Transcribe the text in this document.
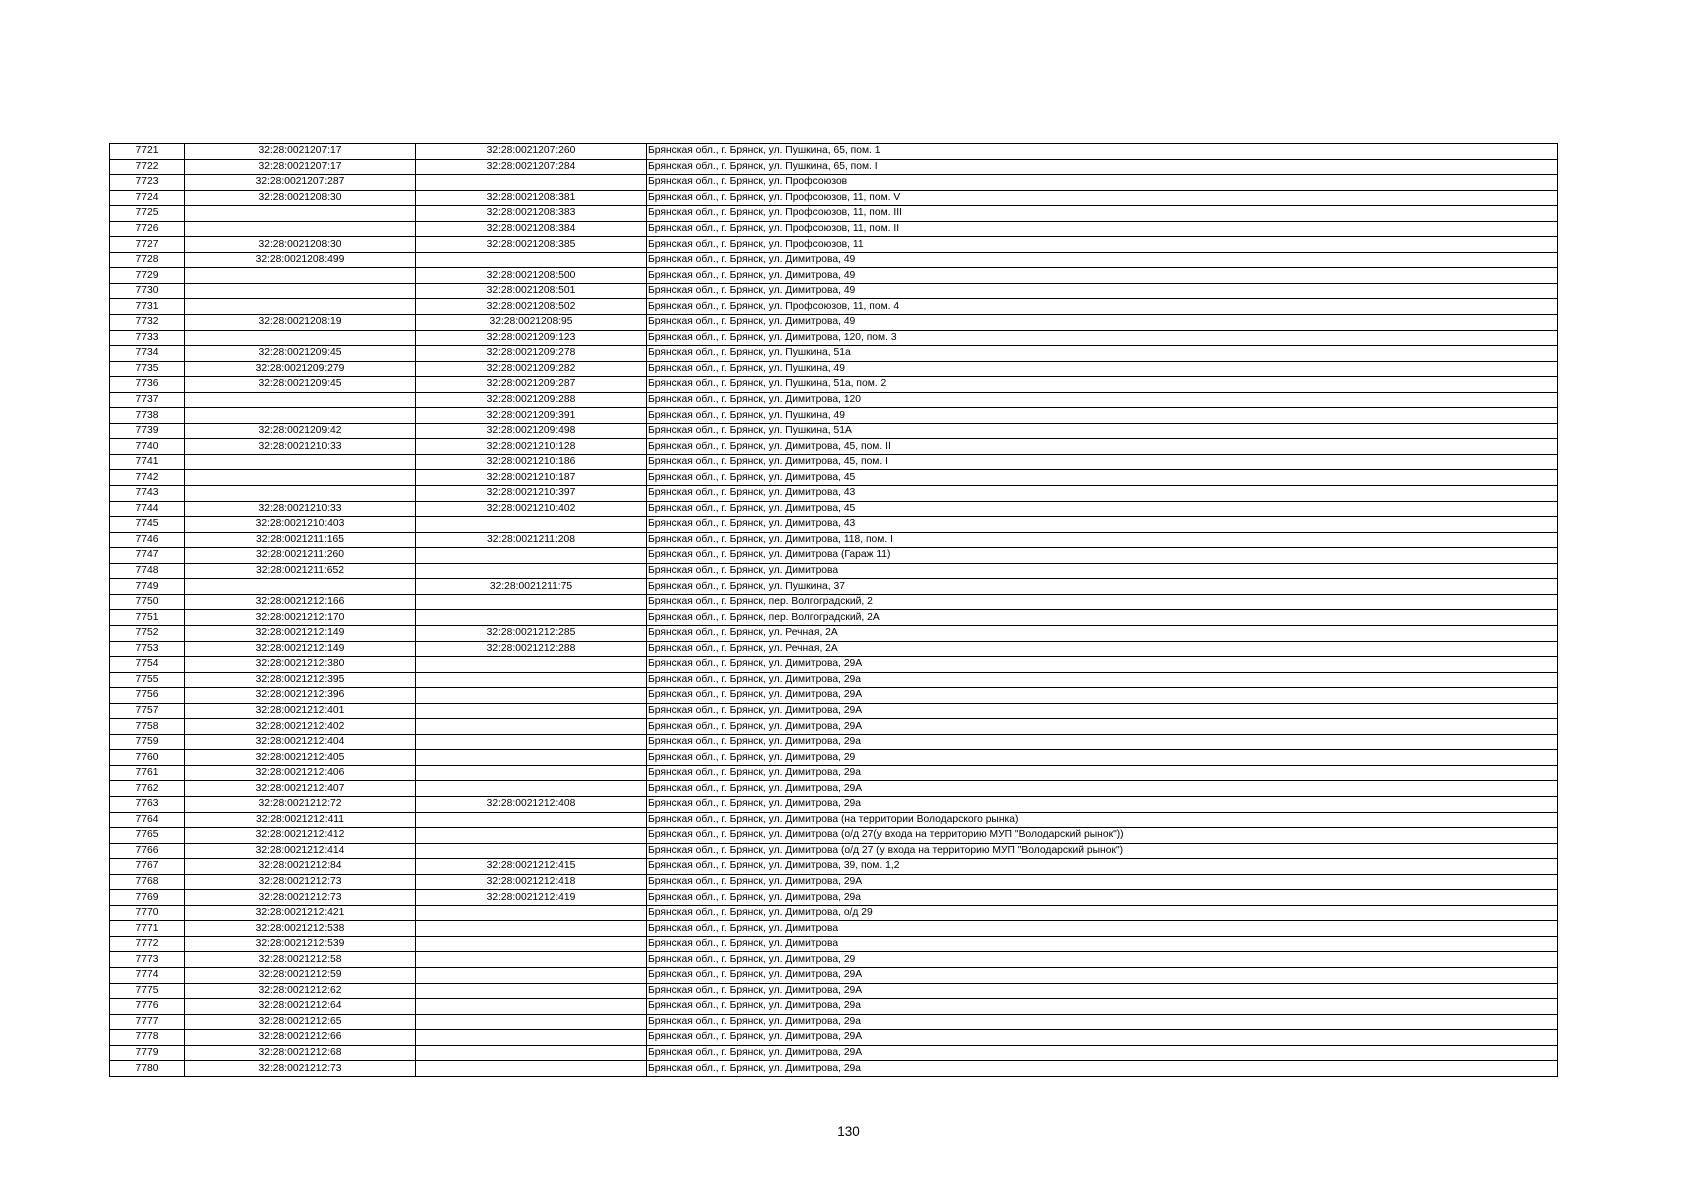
7721	32:28:0021207:17	32:28:0021207:260	Брянская обл., г. Брянск, ул. Пушкина, 65, пом. 1
7722	32:28:0021207:17	32:28:0021207:284	Брянская обл., г. Брянск, ул. Пушкина, 65, пом. I
7723	32:28:0021207:287		Брянская обл., г. Брянск, ул. Профсоюзов
7724	32:28:0021208:30	32:28:0021208:381	Брянская обл., г. Брянск, ул. Профсоюзов, 11, пом. V
7725		32:28:0021208:383	Брянская обл., г. Брянск, ул. Профсоюзов, 11, пом. III
7726		32:28:0021208:384	Брянская обл., г. Брянск, ул. Профсоюзов, 11, пом. II
7727	32:28:0021208:30	32:28:0021208:385	Брянская обл., г. Брянск, ул. Профсоюзов, 11
7728	32:28:0021208:499		Брянская обл., г. Брянск, ул. Димитрова, 49
7729		32:28:0021208:500	Брянская обл., г. Брянск, ул. Димитрова, 49
7730		32:28:0021208:501	Брянская обл., г. Брянск, ул. Димитрова, 49
7731		32:28:0021208:502	Брянская обл., г. Брянск, ул. Профсоюзов, 11, пом. 4
7732	32:28:0021208:19	32:28:0021208:95	Брянская обл., г. Брянск, ул. Димитрова, 49
7733		32:28:0021209:123	Брянская обл., г. Брянск, ул. Димитрова, 120, пом. 3
7734	32:28:0021209:45	32:28:0021209:278	Брянская обл., г. Брянск, ул. Пушкина, 51а
7735	32:28:0021209:279	32:28:0021209:282	Брянская обл., г. Брянск, ул. Пушкина, 49
7736	32:28:0021209:45	32:28:0021209:287	Брянская обл., г. Брянск, ул. Пушкина, 51а, пом. 2
7737		32:28:0021209:288	Брянская обл., г. Брянск, ул. Димитрова, 120
7738		32:28:0021209:391	Брянская обл., г. Брянск, ул. Пушкина, 49
7739	32:28:0021209:42	32:28:0021209:498	Брянская обл., г. Брянск, ул. Пушкина, 51А
7740	32:28:0021210:33	32:28:0021210:128	Брянская обл., г. Брянск, ул. Димитрова, 45, пом. II
7741		32:28:0021210:186	Брянская обл., г. Брянск, ул. Димитрова, 45, пом. I
7742		32:28:0021210:187	Брянская обл., г. Брянск, ул. Димитрова, 45
7743		32:28:0021210:397	Брянская обл., г. Брянск, ул. Димитрова, 43
7744	32:28:0021210:33	32:28:0021210:402	Брянская обл., г. Брянск, ул. Димитрова, 45
7745	32:28:0021210:403		Брянская обл., г. Брянск, ул. Димитрова, 43
7746	32:28:0021211:165	32:28:0021211:208	Брянская обл., г. Брянск, ул. Димитрова, 118, пом. I
7747	32:28:0021211:260		Брянская обл., г. Брянск, ул. Димитрова (Гараж 11)
7748	32:28:0021211:652		Брянская обл., г. Брянск, ул. Димитрова
7749		32:28:0021211:75	Брянская обл., г. Брянск, ул. Пушкина, 37
7750	32:28:0021212:166		Брянская обл., г. Брянск, пер. Волгоградский, 2
7751	32:28:0021212:170		Брянская обл., г. Брянск, пер. Волгоградский, 2А
7752	32:28:0021212:149	32:28:0021212:285	Брянская обл., г. Брянск, ул. Речная, 2А
7753	32:28:0021212:149	32:28:0021212:288	Брянская обл., г. Брянск, ул. Речная, 2А
7754	32:28:0021212:380		Брянская обл., г. Брянск, ул. Димитрова, 29А
7755	32:28:0021212:395		Брянская обл., г. Брянск, ул. Димитрова, 29а
7756	32:28:0021212:396		Брянская обл., г. Брянск, ул. Димитрова, 29А
7757	32:28:0021212:401		Брянская обл., г. Брянск, ул. Димитрова, 29А
7758	32:28:0021212:402		Брянская обл., г. Брянск, ул. Димитрова, 29А
7759	32:28:0021212:404		Брянская обл., г. Брянск, ул. Димитрова, 29а
7760	32:28:0021212:405		Брянская обл., г. Брянск, ул. Димитрова, 29
7761	32:28:0021212:406		Брянская обл., г. Брянск, ул. Димитрова, 29а
7762	32:28:0021212:407		Брянская обл., г. Брянск, ул. Димитрова, 29А
7763	32:28:0021212:72	32:28:0021212:408	Брянская обл., г. Брянск, ул. Димитрова, 29а
7764	32:28:0021212:411		Брянская обл., г. Брянск, ул. Димитрова (на территории Володарского рынка)
7765	32:28:0021212:412		Брянская обл., г. Брянск, ул. Димитрова (о/д 27(у входа на территорию МУП "Володарский рынок"))
7766	32:28:0021212:414		Брянская обл., г. Брянск, ул. Димитрова (о/д 27 (у входа на территорию МУП "Володарский рынок")
7767	32:28:0021212:84	32:28:0021212:415	Брянская обл., г. Брянск, ул. Димитрова, 39, пом. 1,2
7768	32:28:0021212:73	32:28:0021212:418	Брянская обл., г. Брянск, ул. Димитрова, 29А
7769	32:28:0021212:73	32:28:0021212:419	Брянская обл., г. Брянск, ул. Димитрова, 29а
7770	32:28:0021212:421		Брянская обл., г. Брянск, ул. Димитрова, о/д 29
7771	32:28:0021212:538		Брянская обл., г. Брянск, ул. Димитрова
7772	32:28:0021212:539		Брянская обл., г. Брянск, ул. Димитрова
7773	32:28:0021212:58		Брянская обл., г. Брянск, ул. Димитрова, 29
7774	32:28:0021212:59		Брянская обл., г. Брянск, ул. Димитрова, 29А
7775	32:28:0021212:62		Брянская обл., г. Брянск, ул. Димитрова, 29А
7776	32:28:0021212:64		Брянская обл., г. Брянск, ул. Димитрова, 29а
7777	32:28:0021212:65		Брянская обл., г. Брянск, ул. Димитрова, 29а
7778	32:28:0021212:66		Брянская обл., г. Брянск, ул. Димитрова, 29А
7779	32:28:0021212:68		Брянская обл., г. Брянск, ул. Димитрова, 29А
7780	32:28:0021212:73		Брянская обл., г. Брянск, ул. Димитрова, 29а
130
